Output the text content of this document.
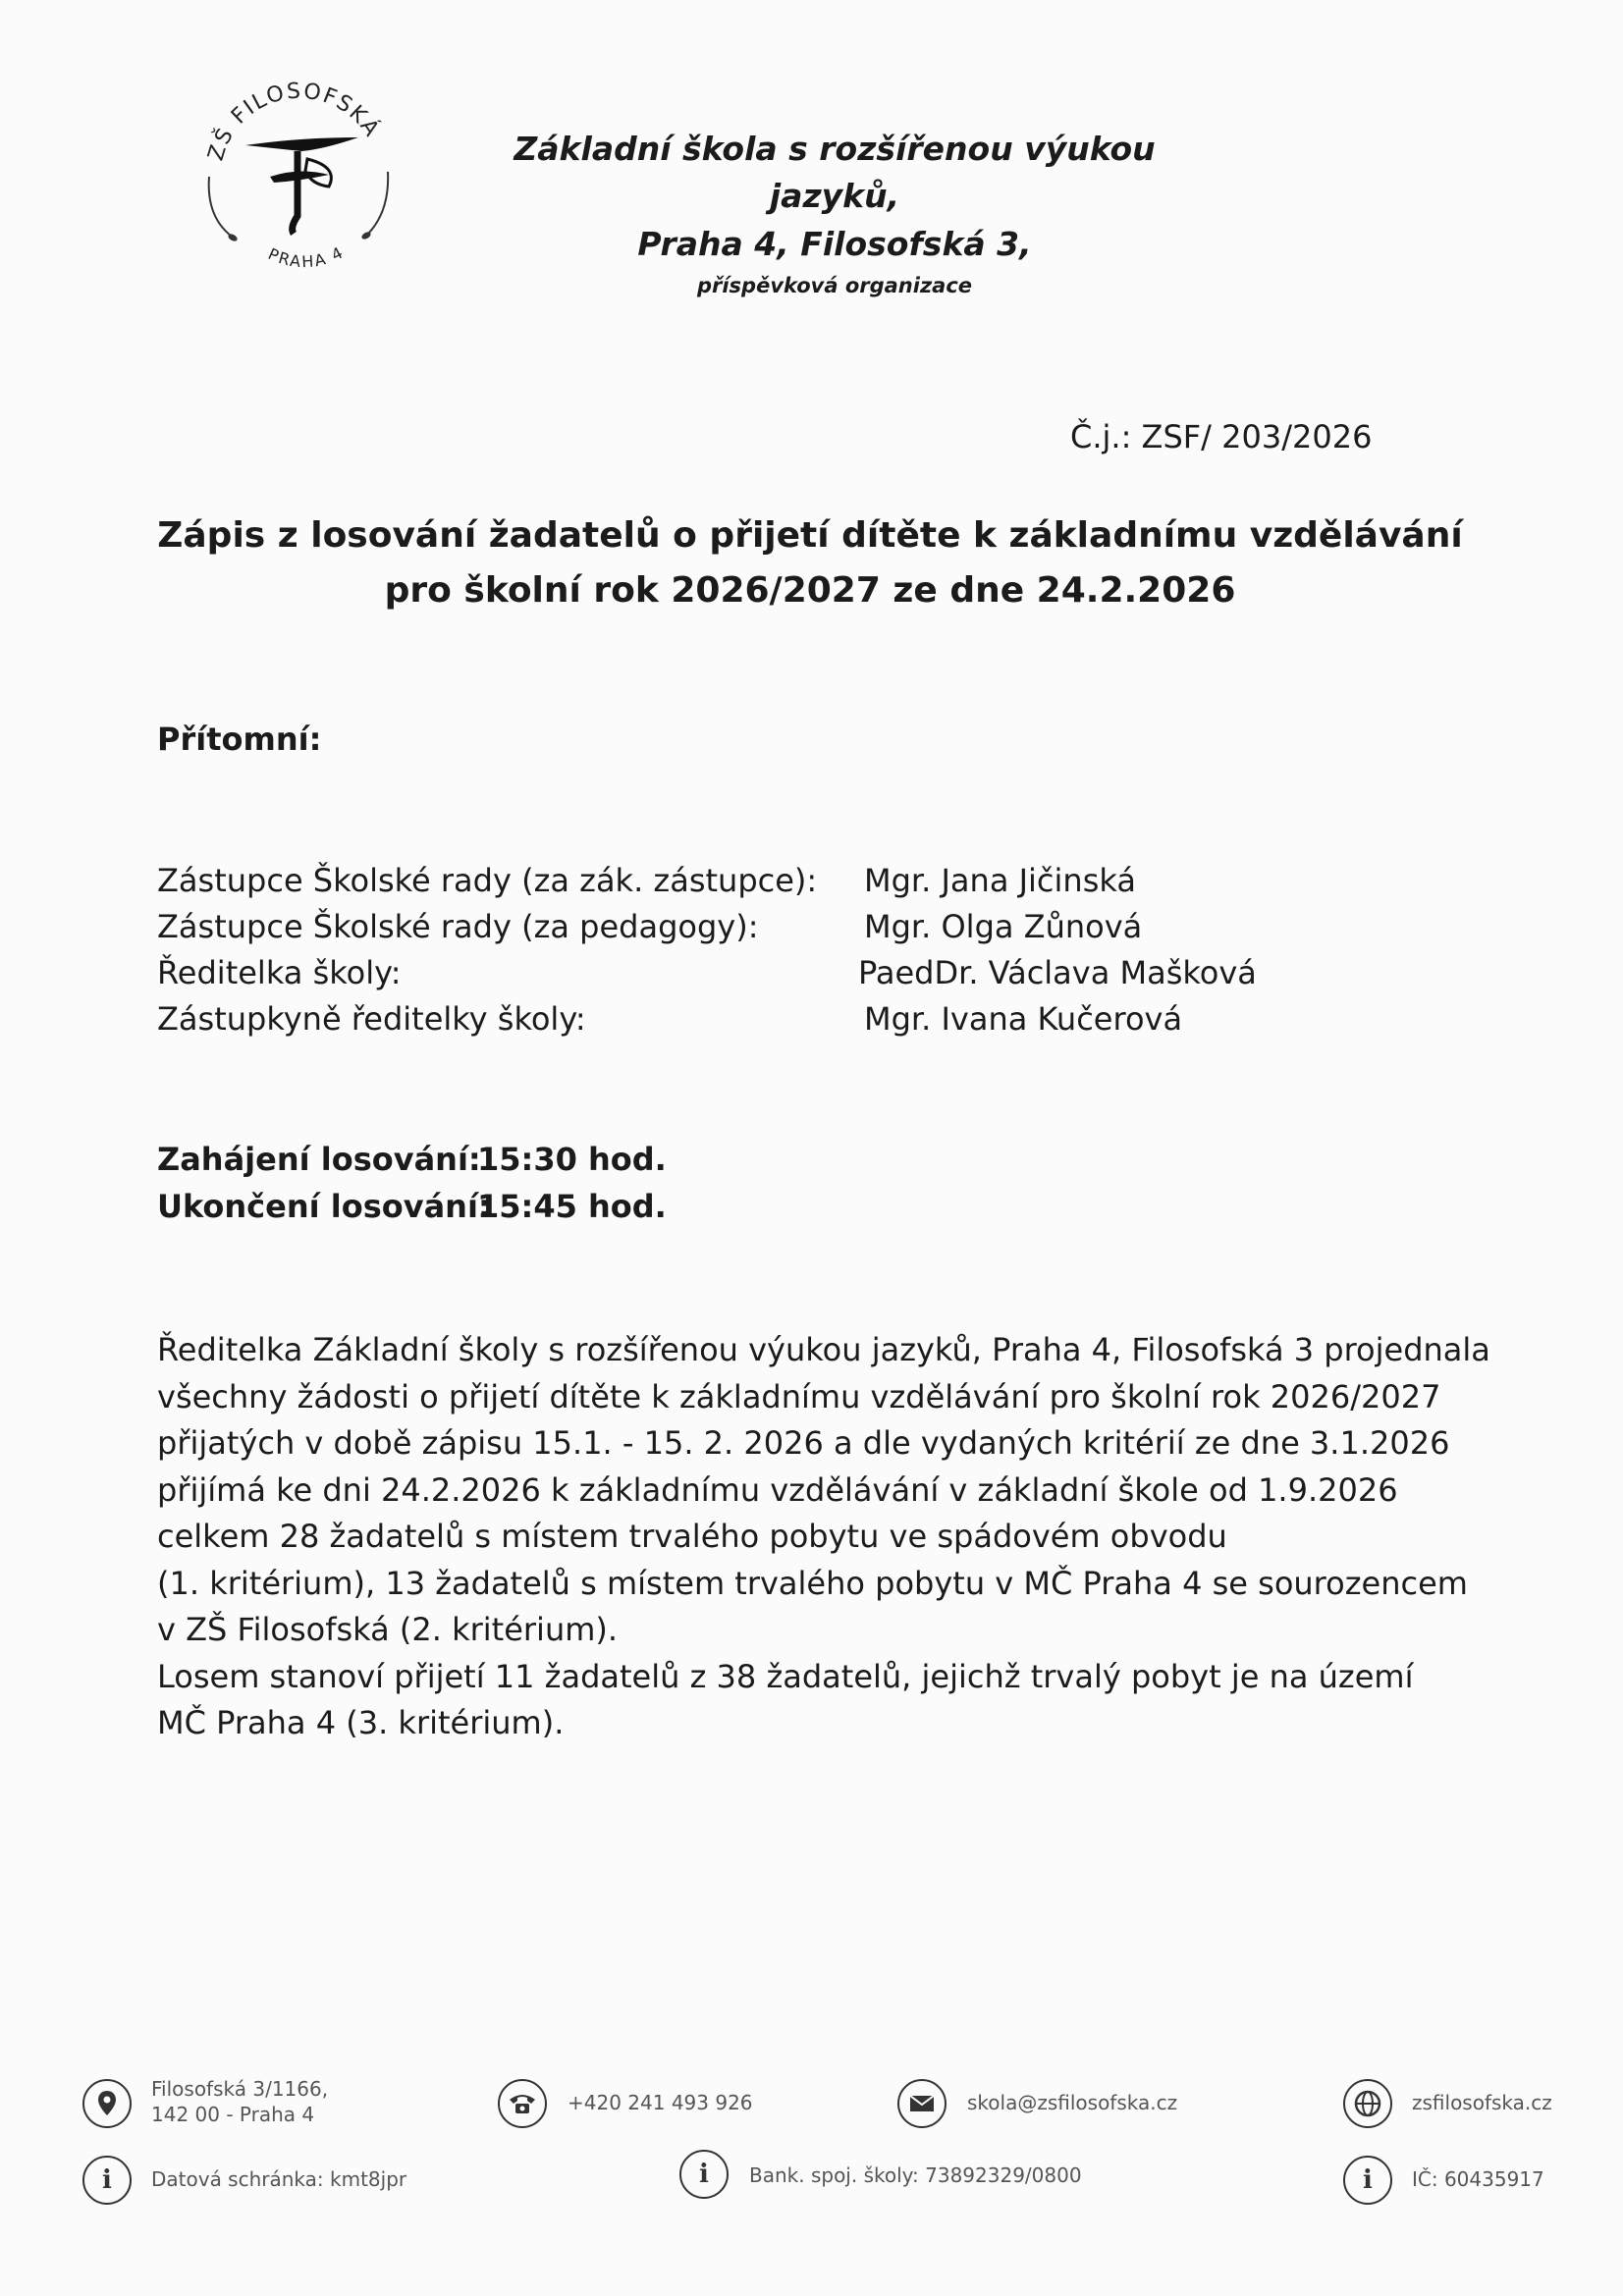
ZŠ FILOSOFSKÁ
PRAHA 4
Základní škola s rozšířenou výukou jazyků,
Praha 4, Filosofská 3,
příspěvková organizace
Č.j.: ZSF/ 203/2026
Zápis z losování žadatelů o přijetí dítěte k základnímu vzdělávání
pro školní rok 2026/2027 ze dne 24.2.2026
Přítomní:
Zástupce Školské rady (za zák. zástupce): Mgr. Jana Jičinská
Zástupce Školské rady (za pedagogy):	Mgr. Olga Zůnová
Ředitelka školy:	PaedDr. Václava Mašková
Zástupkyně ředitelky školy:	Mgr. Ivana Kučerová
Zahájení losování:
15:30 hod.
Ukončení losování:
15:45 hod.
Ředitelka Základní školy s rozšířenou výukou jazyků, Praha 4, Filosofská 3 projednala
všechny žádosti o přijetí dítěte k základnímu vzdělávání pro školní rok 2026/2027
přijatých v době zápisu 15.1. - 15. 2. 2026 a dle vydaných kritérií ze dne 3.1.2026
přijímá ke dni 24.2.2026 k základnímu vzdělávání v základní škole od 1.9.2026
celkem 28 žadatelů s místem trvalého pobytu ve spádovém obvodu
(1. kritérium), 13 žadatelů s místem trvalého pobytu v MČ Praha 4 se sourozencem
v ZŠ Filosofská (2. kritérium).
Losem stanoví přijetí 11 žadatelů z 38 žadatelů, jejichž trvalý pobyt je na území
MČ Praha 4 (3. kritérium).
Filosofská 3/1166,
142 00 - Praha 4	+420 241 493 926	skola@zsfilosofska.cz	zsfilosofska.cz
i Datová schránka: kmt8jpr	i Bank. spoj. školy: 73892329/0800	i IČ: 60435917
